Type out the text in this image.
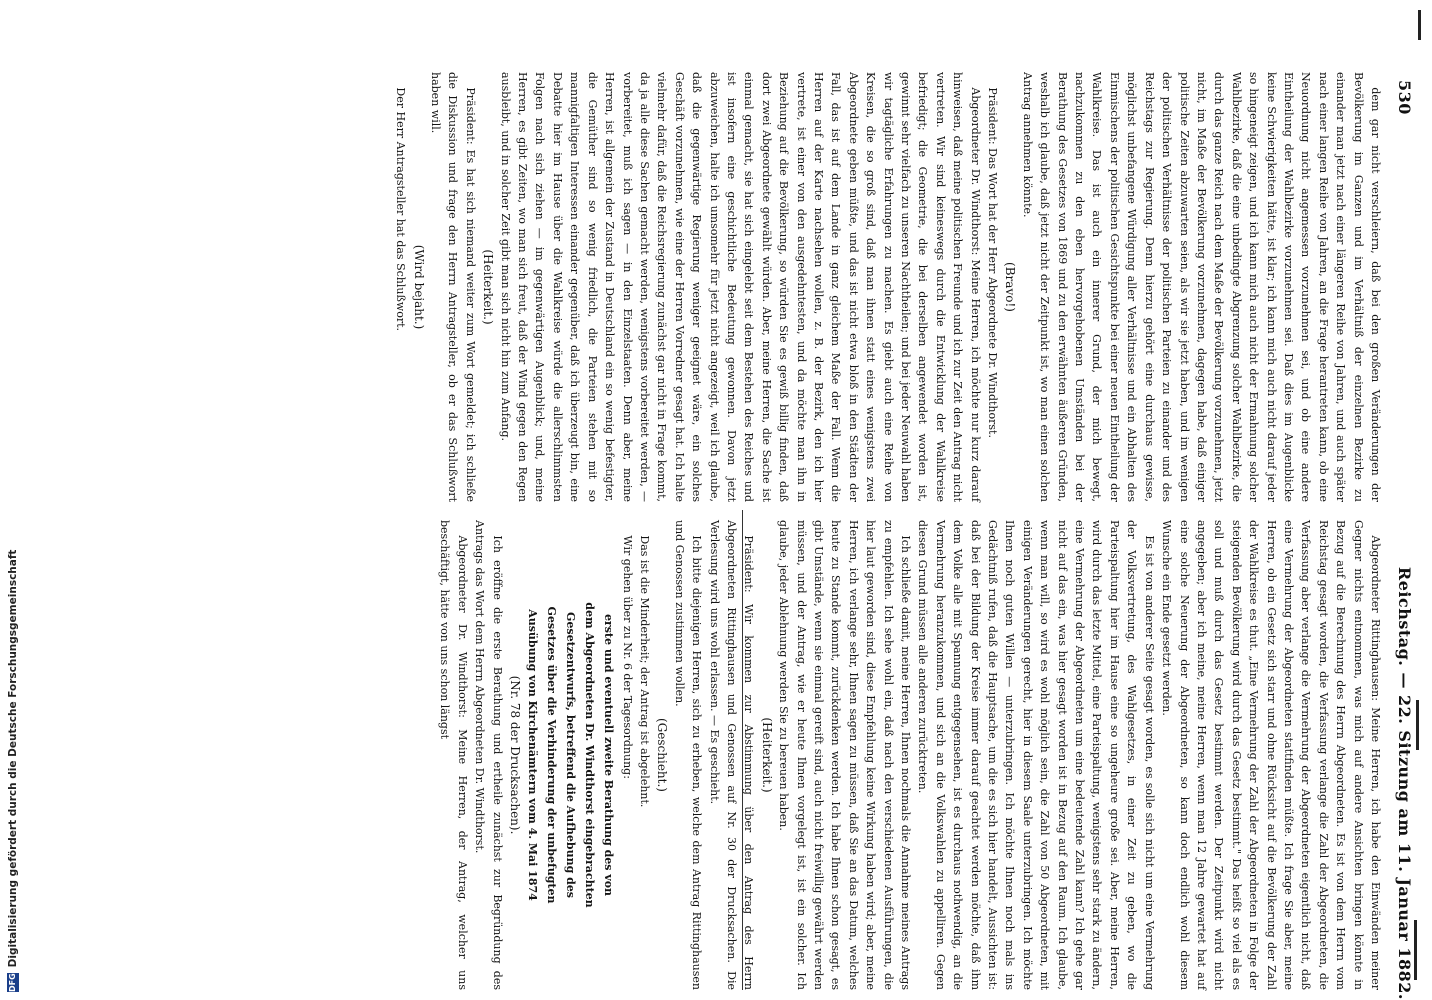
530
Reichstag. — 22. Sitzung am 11. Januar 1882.

dem gar nicht verschleiern, daß bei den großen Veränderungen der Bevölkerung im Ganzen und im Verhältniß der einzelnen Bezirke zu einander man jetzt nach einer längeren Reihe von Jahren, und auch später nach einer langen Reihe von Jahren, an die Frage herantreten kann, ob eine Neuordnung nicht angemessen vorzunehmen sei, und ob eine andere Eintheilung der Wahlbezirke vorzunehmen sei. Daß dies im Augenblicke keine Schwierigkeiten hätte, ist klar; ich kann mich auch nicht darauf jeder so hingeneigt zeigen, und ich kann mich auch nicht der Ermahnung solcher Wahlbezirke, daß die eine unbedingte Abgrenzung solcher Wahlbezirke, die durch das ganze Reich nach dem Maße der Bevölkerung vorzunehmen, jetzt nicht, im Maße der Bevölkerung vorzunehmen, dagegen habe, daß einiger politische Zeiten abzuwarten seien, als wir sie jetzt haben, und im wenigen der politischen Verhältnisse der politischen Parteien zu einander und des Reichstags zur Regierung. Denn hierzu gehört eine durchaus gewisse, möglichst unbefangene Würdigung aller Verhältnisse und ein Abhalten des Einmischens der politischen Gesichtspunkte bei einer neuen Eintheilung der Wahlkreise. Das ist auch ein innerer Grund, der mich bewegt, nachzukommen zu den eben hervorgehobenen Umständen bei der Berathung des Gesetzes von 1869 und zu den erwähnten äußeren Gründen, weshalb ich glaube, daß jetzt nicht der Zeitpunkt ist, wo man einen solchen Antrag annehmen könnte.

(Bravo!)

Präsident: Das Wort hat der Herr Abgeordnete Dr. Windthorst.

Abgeordneter Dr. Windthorst: Meine Herren, ich möchte nur kurz darauf hinweisen, daß meine politischen Freunde und ich zur Zeit den Antrag nicht vertreten. Wir sind keineswegs durch die Entwicklung der Wahlkreise befriedigt; die Geometrie, die bei derselben angewendet worden ist, gewinnt sehr vielfach zu unseren Nachtheilen; und bei jeder Neuwahl haben wir tagtägliche Erfahrungen zu machen. Es giebt auch eine Reihe von Kreisen, die so groß sind, daß man ihnen statt eines wenigstens zwei Abgeordnete geben müßte, und das ist nicht etwa bloß in den Städten der Fall, das ist auf dem Lande in ganz gleichem Maße der Fall. Wenn die Herren auf der Karte nachsehen wollen, z. B. der Bezirk, den ich hier vertrete, ist einer von den ausgedehntesten, und da möchte man ihn in Beziehung auf die Bevölkerung, so würden Sie es gewiß billig finden, daß dort zwei Abgeordnete gewählt würden. Aber, meine Herren, die Sache ist einmal gemacht, sie hat sich eingelebt seit dem Bestehen des Reiches und ist insofern eine geschichtliche Bedeutung gewonnen. Davon jetzt abzuweichen, halte ich umsomehr für jetzt nicht angezeigt, weil ich glaube, daß die gegenwärtige Regierung weniger geeignet wäre, ein solches Geschäft vorzunehmen, wie eine der Herren Vorredner gesagt hat. Ich halte vielmehr dafür, daß die Reichsregierung zunächst gar nicht in Frage kommt, da ja alle diese Sachen gemacht werden, wenigstens vorbereitet werden, — vorbereitet, muß ich sagen — in den Einzelstaaten. Denn aber, meine Herren, ist allgemein der Zustand in Deutschland ein so wenig befestigter, die Gemüther sind so wenig friedlich, die Parteien stehen mit so mannigfaltigen Interessen einander gegenüber, daß ich überzeugt bin, eine Debatte hier im Hause über die Wahlkreise würde die allerschlimmsten Folgen nach sich ziehen — im gegenwärtigen Augenblick; und, meine Herren, es gibt Zeiten, wo man sich freut, daß der Wind gegen den Regen ausbleibt, und in solcher Zeit gibt man sich nicht hin zum Anfang.

(Heiterkeit.)

Präsident: Es hat sich niemand weiter zum Wort gemeldet; ich schließe die Diskussion und frage den Herrn Antragsteller, ob er das Schlußwort haben will.

(Wird bejaht.)

Der Herr Antragsteller hat das Schlußwort.

Abgeordneter Rittinghausen: Meine Herren, ich habe den Einwänden meiner Gegner nichts entnommen, was mich auf andere Ansichten bringen könnte in Bezug auf die Berechnung des Herrn Abgeordneten. Es ist von dem Herrn vom Reichstag gesagt worden, die Verfassung verlange die Zahl der Abgeordneten, die Verfassung aber verlange die Vermehrung der Abgeordneten eigentlich nicht, daß eine Vermehrung der Abgeordneten stattfinden müßte. Ich frage Sie aber, meine Herren, ob ein Gesetz sich starr und ohne Rücksicht auf die Bevölkerung der Zahl der Wahlkreise es thut. „Eine Vermehrung der Zahl der Abgeordneten in Folge der steigenden Bevölkerung wird durch das Gesetz bestimmt." Das heißt so viel als es soll und muß durch das Gesetz bestimmt werden. Der Zeitpunkt wird nicht angegeben; aber ich meine, meine Herren, wenn man 12 Jahre gewartet hat auf eine solche Neuerung der Abgeordneten, so kann doch endlich wohl diesem Wunsche ein Ende gesetzt werden.

Es ist von anderer Seite gesagt worden, es solle sich nicht um eine Vermehrung der Volksvertretung, des Wahlgesetzes, in einer Zeit zu geben, wo die Parteispaltung hier im Hause eine so ungeheure große sei. Aber, meine Herren, wird durch das letzte Mittel, eine Parteispaltung, wenigstens sehr stark zu ändern, eine Vermehrung der Abgeordneten um eine bedeutende Zahl kann? Ich gehe gar nicht auf das ein, was hier gesagt worden ist in Bezug auf den Raum. Ich glaube, wenn man will, so wird es wohl möglich sein, die Zahl von 50 Abgeordneten, mit einigen Veränderungen gerecht, hier in diesem Saale unterzubringen. Ich möchte Ihnen noch guten Willen — unterzubringen. Ich möchte Ihnen noch mals ins Gedächtniß rufen, daß die Hauptsache, um die es sich hier handelt, Aussichten ist: daß bei der Bildung der Kreise immer darauf geachtet werden möchte, daß ihm dem Volke alle mit Spannung entgegensehen, ist es durchaus nothwendig, an die Vermehrung heranzukommen, und sich an die Volkswahlen zu appelliren. Gegen diesen Grund müssen alle anderen zurücktreten.

Ich schließe damit, meine Herren, Ihnen nochmals die Annahme meines Antrags zu empfehlen. Ich sehe wohl ein, daß nach den verschiedenen Ausführungen, die hier laut geworden sind, diese Empfehlung keine Wirkung haben wird; aber, meine Herren, ich verlange sehr, Ihnen sagen zu müssen, daß Sie an das Datum, welches heute zu Stande kommt, zurückdenken werden. Ich habe Ihnen schon gesagt, es gibt Umstände, wenn sie einmal gereift sind, auch nicht freiwillig gewährt werden müssen, und der Antrag, wie er heute Ihnen vorgelegt ist, ist ein solcher. Ich glaube, jeder Ablehnung werden Sie zu bereuen haben.

(Heiterkeit.)

Präsident: Wir kommen zur Abstimmung über den Antrag des Herrn Abgeordneten Rittinghausen und Genossen auf Nr. 30 der Drucksachen. Die Verlesung wird uns wohl erlassen. — Es geschieht.

Ich bitte diejenigen Herren, sich zu erheben, welche dem Antrag Rittinghausen und Genossen zustimmen wollen.

(Geschieht.)

Das ist die Minderheit; der Antrag ist abgelehnt.

Wir gehen über zu Nr. 6 der Tagesordnung:

erste und eventuell zweite Berathung des von

dem Abgeordneten Dr. Windthorst eingebrachten

Gesetzentwurfs, betreffend die Aufhebung des

Gesetzes über die Verhinderung der unbefugten

Ausübung von Kirchenämtern vom 4. Mai 1874

(Nr. 78 der Drucksachen).

Ich eröffne die erste Berathung und ertheile zunächst zur Begründung des Antrags das Wort dem Herrn Abgeordneten Dr. Windthorst.

Abgeordneter Dr. Windthorst: Meine Herren, der Antrag, welcher uns beschäftigt, hätte von uns schon längst

DFG
Digitalisierung gefördert durch die Deutsche Forschungsgemeinschaft
